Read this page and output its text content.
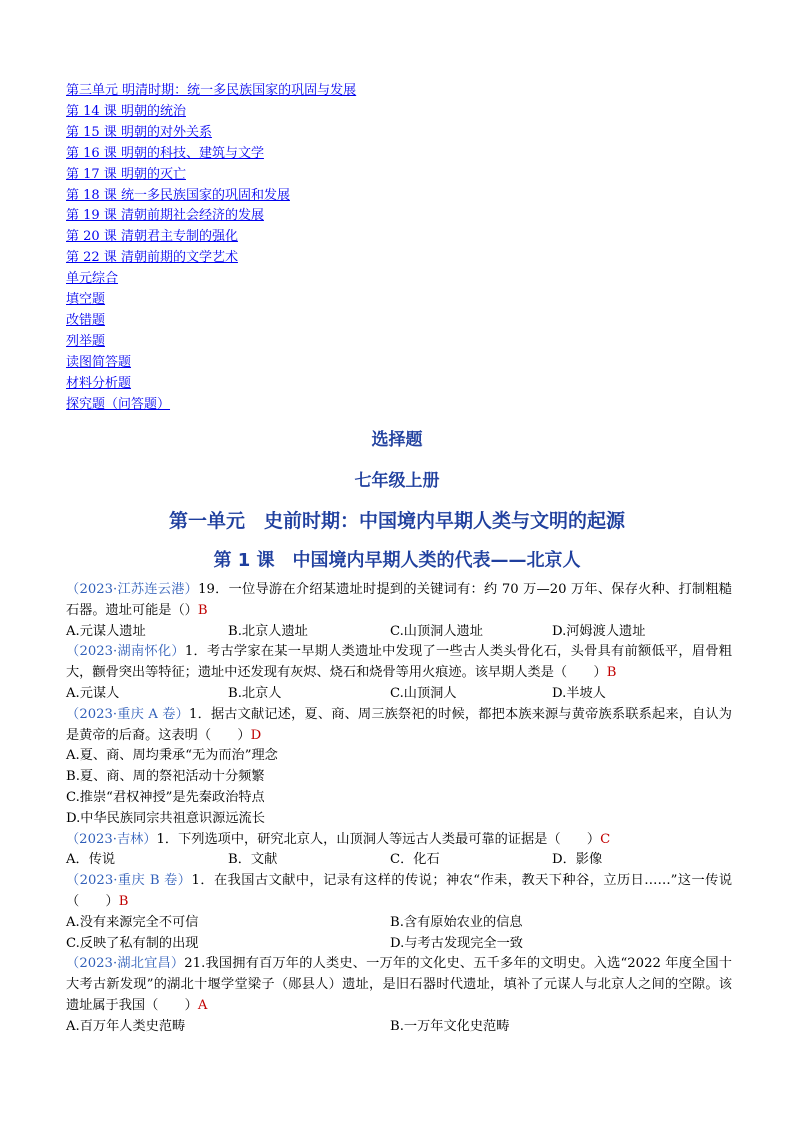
第三单元 明清时期：统一多民族国家的巩固与发展
第 14 课 明朝的统治
第 15 课 明朝的对外关系
第 16 课 明朝的科技、建筑与文学
第 17 课 明朝的灭亡
第 18 课 统一多民族国家的巩固和发展
第 19 课 清朝前期社会经济的发展
第 20 课 清朝君主专制的强化
第 22 课 清朝前期的文学艺术
单元综合
填空题
改错题
列举题
读图简答题
材料分析题
探究题（问答题）
选择题
七年级上册
第一单元　史前时期：中国境内早期人类与文明的起源
第 1 课　中国境内早期人类的代表——北京人

（2023·江苏连云港）19．一位导游在介绍某遗址时提到的关键词有：约 70 万—20 万年、保存火种、打制粗糙石器。遗址可能是（）B

A.元谋人遗址	B.北京人遗址	C.山顶洞人遗址	D.河姆渡人遗址

（2023·湖南怀化）1．考古学家在某一早期人类遗址中发现了一些古人类头骨化石，头骨具有前额低平，眉骨粗大，颧骨突出等特征；遗址中还发现有灰烬、烧石和烧骨等用火痕迹。该早期人类是（　　）B

A.元谋人	B.北京人	C.山顶洞人	D.半坡人

（2023·重庆 A 卷）1．据古文献记述，夏、商、周三族祭祀的时候，都把本族来源与黄帝族系联系起来，自认为是黄帝的后裔。这表明（　　）D

A.夏、商、周均秉承“无为而治”理念
B.夏、商、周的祭祀活动十分频繁
C.推崇“君权神授”是先秦政治特点
D.中华民族同宗共祖意识源远流长

（2023·吉林）1．下列选项中，研究北京人，山顶洞人等远古人类最可靠的证据是（　　）C

A．传说	B．文献	C．化石	D．影像

（2023·重庆 B 卷）1．在我国古文献中，记录有这样的传说；神农“作耒，教天下种谷，立历日……”这一传说（　　）B

A.没有来源完全不可信	B.含有原始农业的信息
C.反映了私有制的出现	D.与考古发现完全一致

（2023·湖北宜昌）21.我国拥有百万年的人类史、一万年的文化史、五千多年的文明史。入选“2022 年度全国十大考古新发现”的湖北十堰学堂梁子（郧县人）遗址，是旧石器时代遗址，填补了元谋人与北京人之间的空隙。该遗址属于我国（　　）A

A.百万年人类史范畴	B.一万年文化史范畴
